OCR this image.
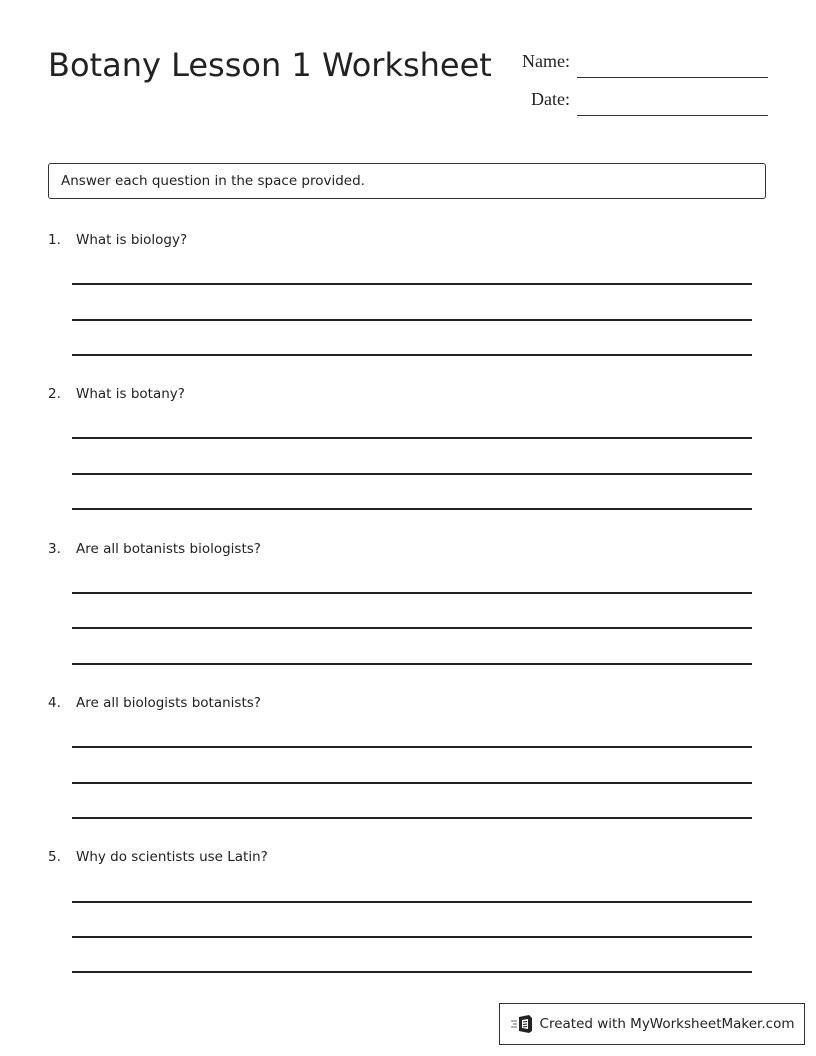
Botany Lesson 1 Worksheet Name:
Date:
Answer each question in the space provided.
1. What is biology?
2. What is botany?
3. Are all botanists biologists?
4. Are all biologists botanists?
5. Why do scientists use Latin?
Created with MyWorksheetMaker.com
